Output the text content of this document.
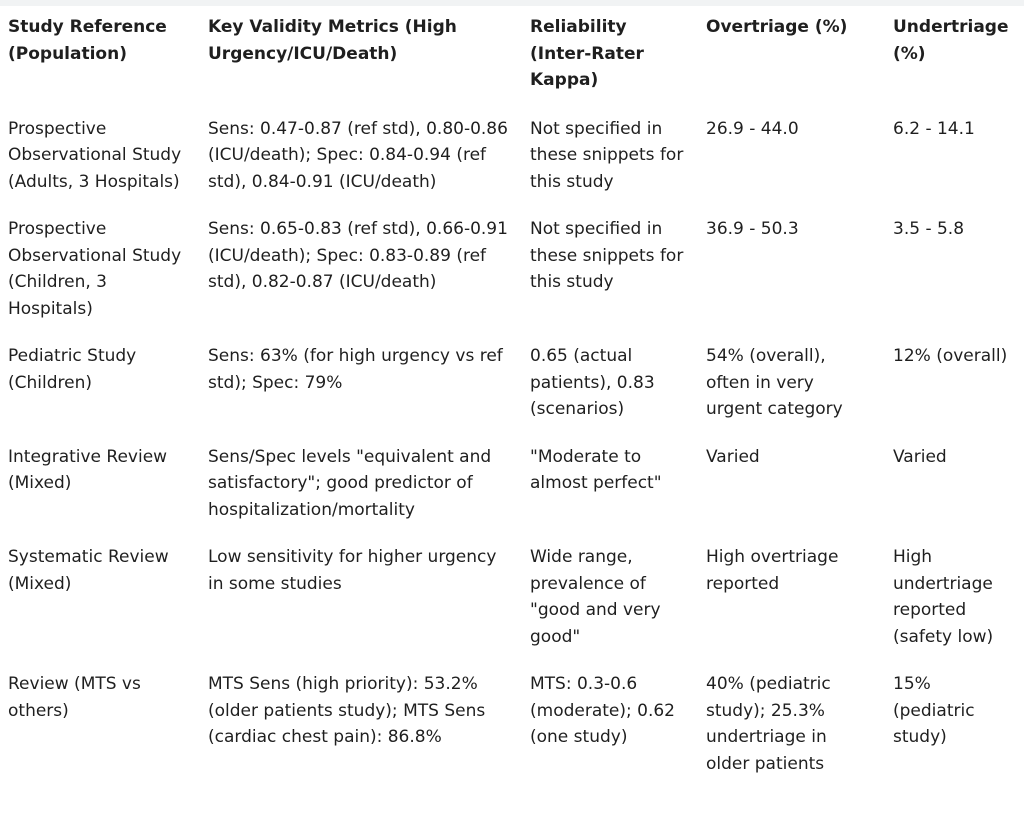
Study Reference (Population)	Key Validity Metrics (High Urgency/ICU/Death)	Reliability (Inter-Rater Kappa)	Overtriage (%)	Undertriage (%)
Prospective Observational Study (Adults, 3 Hospitals)	Sens: 0.47-0.87 (ref std), 0.80-0.86 (ICU/death); Spec: 0.84-0.94 (ref std), 0.84-0.91 (ICU/death)	Not specified in these snippets for this study	26.9 - 44.0	6.2 - 14.1
Prospective Observational Study (Children, 3 Hospitals)	Sens: 0.65-0.83 (ref std), 0.66-0.91 (ICU/death); Spec: 0.83-0.89 (ref std), 0.82-0.87 (ICU/death)	Not specified in these snippets for this study	36.9 - 50.3	3.5 - 5.8
Pediatric Study (Children)	Sens: 63% (for high urgency vs ref std); Spec: 79%	0.65 (actual patients), 0.83 (scenarios)	54% (overall), often in very urgent category	12% (overall)
Integrative Review (Mixed)	Sens/Spec levels "equivalent and satisfactory"; good predictor of hospitalization/mortality	"Moderate to almost perfect"	Varied	Varied
Systematic Review (Mixed)	Low sensitivity for higher urgency in some studies	Wide range, prevalence of "good and very good"	High overtriage reported	High undertriage reported (safety low)
Review (MTS vs others)	MTS Sens (high priority): 53.2% (older patients study); MTS Sens (cardiac chest pain): 86.8%	MTS: 0.3-0.6 (moderate); 0.62 (one study)	40% (pediatric study); 25.3% undertriage in older patients	15% (pediatric study)
